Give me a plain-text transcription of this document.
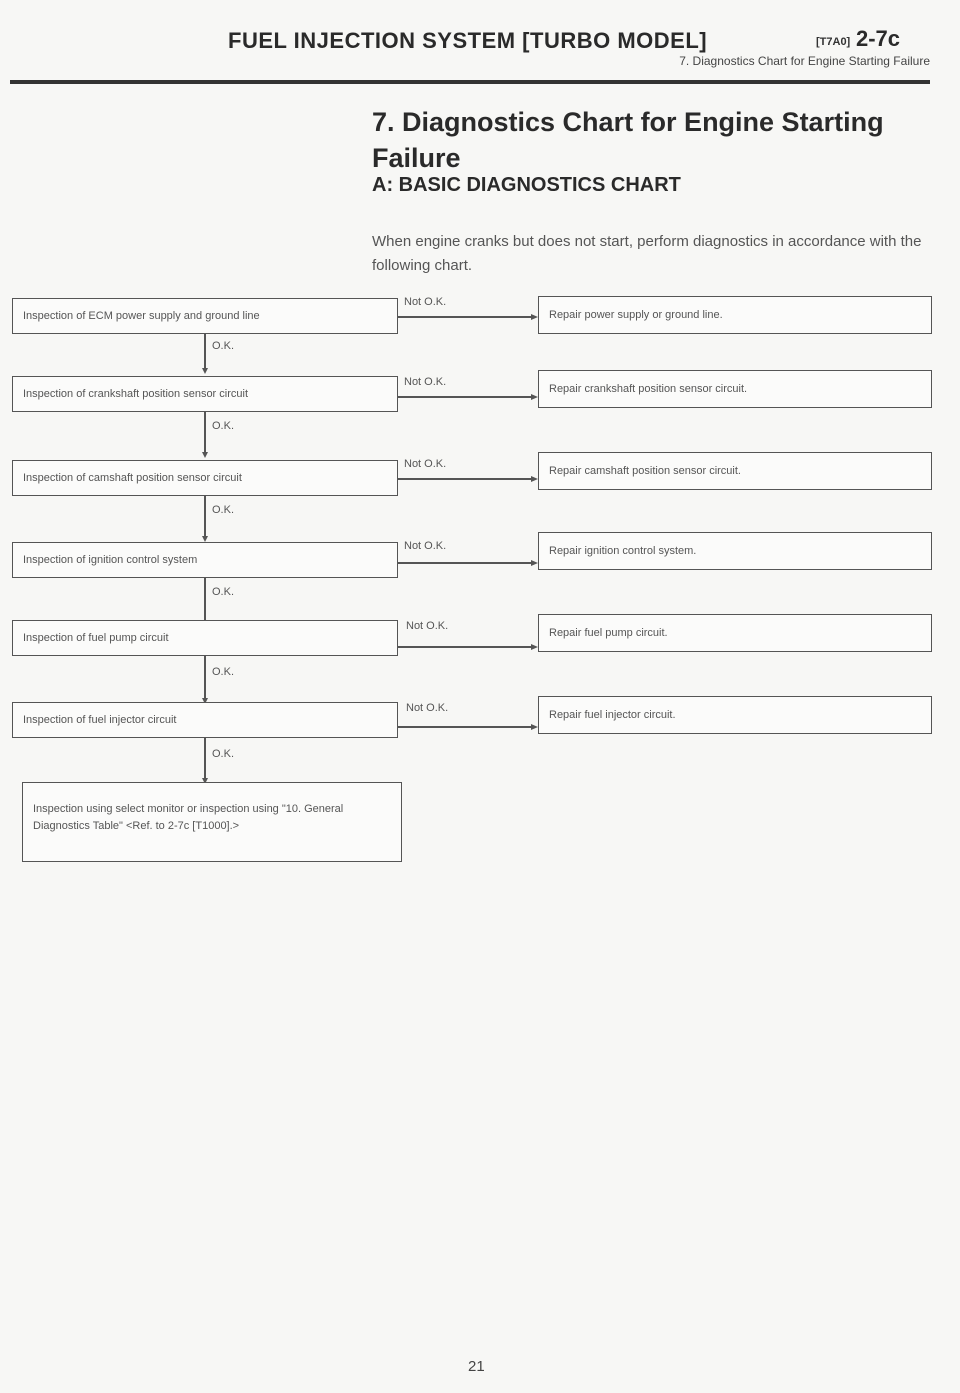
FUEL INJECTION SYSTEM [TURBO MODEL]	[T7A0] 2-7c
7. Diagnostics Chart for Engine Starting Failure
7. Diagnostics Chart for Engine Starting Failure
A: BASIC DIAGNOSTICS CHART
When engine cranks but does not start, perform diagnostics in accordance with the following chart.
Inspection of ECM power supply and ground line
Not O.K.
Repair power supply or ground line.
O.K.
Inspection of crankshaft position sensor circuit
Not O.K.
Repair crankshaft position sensor circuit.
O.K.
Inspection of camshaft position sensor circuit
Not O.K.
Repair camshaft position sensor circuit.
O.K.
Inspection of ignition control system
Not O.K.	Repair ignition control system.
O.K.
Inspection of fuel pump circuit
Not O.K.
Repair fuel pump circuit.
O.K.
Inspection of fuel injector circuit
Not O.K.
Repair fuel injector circuit.
O.K.
Inspection using select monitor or inspection using "10. General Diagnostics Table" <Ref. to 2-7c [T1000].>
21
